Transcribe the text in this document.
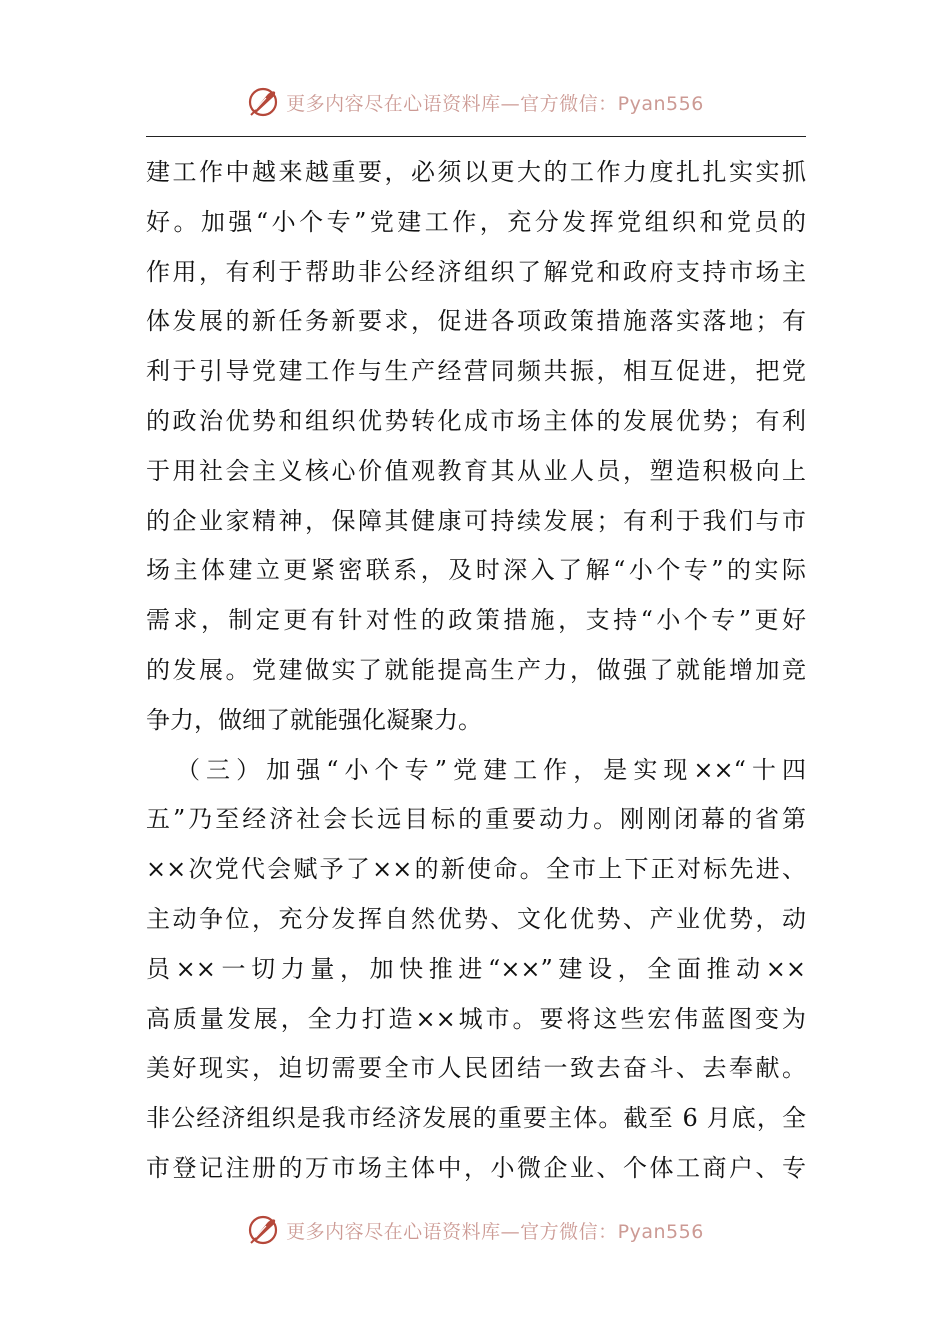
更多内容尽在心语资料库—官方微信：Pyan556
建工作中越来越重要，必须以更大的工作力度扎扎实实抓
好。加强“小个专”党建工作，充分发挥党组织和党员的
作用，有利于帮助非公经济组织了解党和政府支持市场主
体发展的新任务新要求，促进各项政策措施落实落地；有
利于引导党建工作与生产经营同频共振，相互促进，把党
的政治优势和组织优势转化成市场主体的发展优势；有利
于用社会主义核心价值观教育其从业人员，塑造积极向上
的企业家精神，保障其健康可持续发展；有利于我们与市
场主体建立更紧密联系，及时深入了解“小个专”的实际
需求，制定更有针对性的政策措施，支持“小个专”更好
的发展。党建做实了就能提高生产力，做强了就能增加竞
争力，做细了就能强化凝聚力。
（三）加强“小个专”党建工作，是实现××“十四
五”乃至经济社会长远目标的重要动力。刚刚闭幕的省第
××次党代会赋予了××的新使命。全市上下正对标先进、
主动争位，充分发挥自然优势、文化优势、产业优势，动
员××一切力量，加快推进“××”建设，全面推动××
高质量发展，全力打造××城市。要将这些宏伟蓝图变为
美好现实，迫切需要全市人民团结一致去奋斗、去奉献。
非公经济组织是我市经济发展的重要主体。截至 6 月底，全
市登记注册的万市场主体中，小微企业、个体工商户、专
更多内容尽在心语资料库—官方微信：Pyan556
